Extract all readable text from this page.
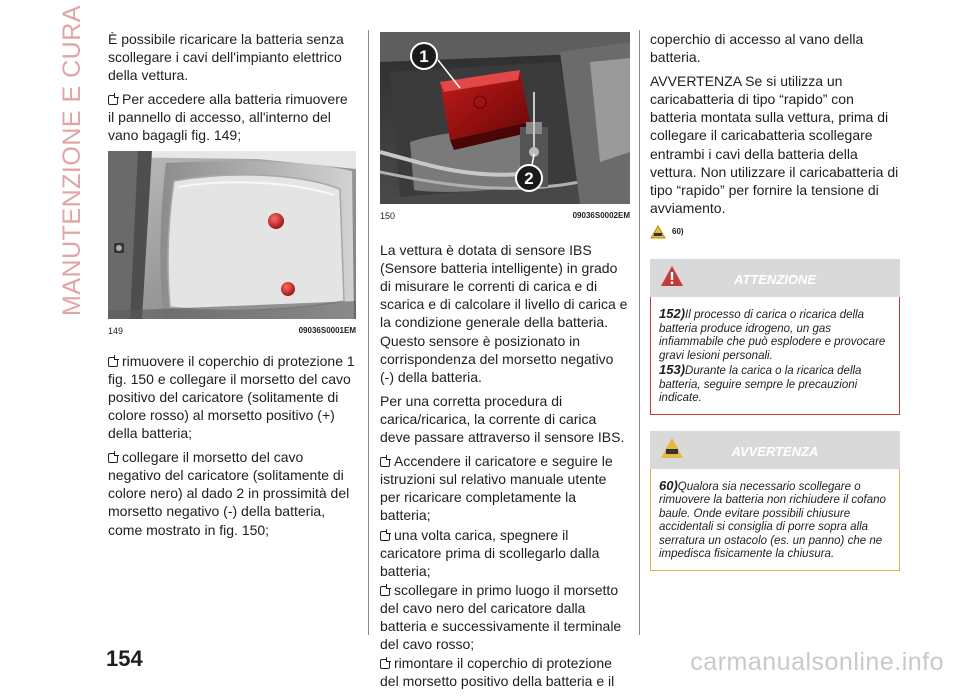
MANUTENZIONE E CURA È possibile ricaricare la batteria senza scollegare i cavi dell'impianto elettrico della vettura.

Per accedere alla batteria rimuovere il pannello di accesso, all'interno del vano bagagli fig. 149;

149	09036S0001EM

rimuovere il coperchio di protezione 1 fig. 150 e collegare il morsetto del cavo positivo del caricatore (solitamente di colore rosso) al morsetto positivo (+) della batteria;

collegare il morsetto del cavo negativo del caricatore (solitamente di colore nero) al dado 2 in prossimità del morsetto negativo (-) della batteria, come mostrato in fig. 150;

1
2
150	09036S0002EM

La vettura è dotata di sensore IBS (Sensore batteria intelligente) in grado di misurare le correnti di carica e di scarica e di calcolare il livello di carica e la condizione generale della batteria. Questo sensore è posizionato in corrispondenza del morsetto negativo (-) della batteria.

Per una corretta procedura di carica/ricarica, la corrente di carica deve passare attraverso il sensore IBS.

Accendere il caricatore e seguire le istruzioni sul relativo manuale utente per ricaricare completamente la batteria;

una volta carica, spegnere il caricatore prima di scollegarlo dalla batteria;

scollegare in primo luogo il morsetto del cavo nero del caricatore dalla batteria e successivamente il terminale del cavo rosso;

rimontare il coperchio di protezione del morsetto positivo della batteria e il

coperchio di accesso al vano della batteria.

AVVERTENZA Se si utilizza un caricabatteria di tipo “rapido” con batteria montata sulla vettura, prima di collegare il caricabatteria scollegare entrambi i cavi della batteria della vettura. Non utilizzare il caricabatteria di tipo “rapido” per fornire la tensione di avviamento.

60)
ATTENZIONE
152)Il processo di carica o ricarica della batteria produce idrogeno, un gas infiammabile che può esplodere e provocare gravi lesioni personali.
153)Durante la carica o la ricarica della batteria, seguire sempre le precauzioni indicate.
AVVERTENZA
60)Qualora sia necessario scollegare o rimuovere la batteria non richiudere il cofano baule. Onde evitare possibili chiusure accidentali si consiglia di porre sopra alla serratura un ostacolo (es. un panno) che ne impedisca fisicamente la chiusura.
154	carmanualsonline.info
